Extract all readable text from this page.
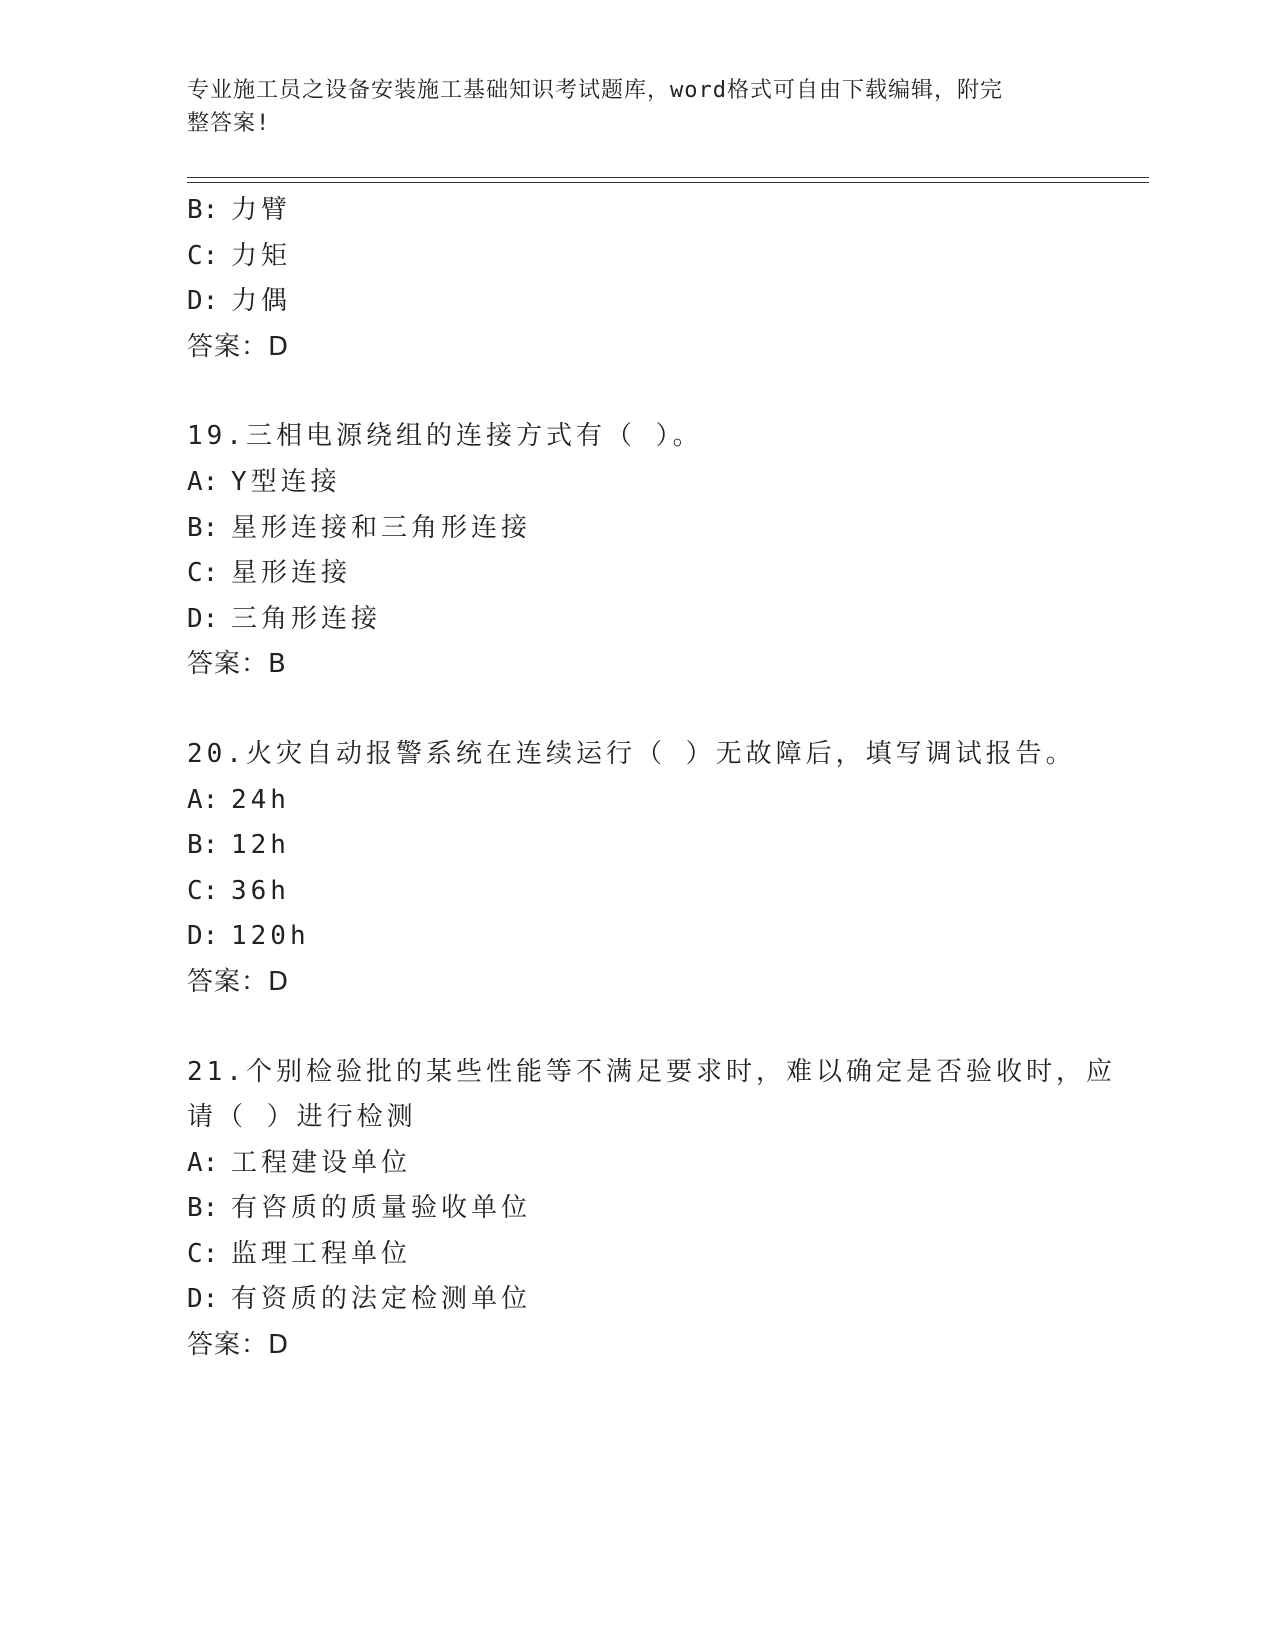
专业施工员之设备安装施工基础知识考试题库，word格式可自由下载编辑，附完
整答案!
B: 力臂
C: 力矩
D: 力偶
答案：D
19.三相电源绕组的连接方式有（ ）。
A: Y型连接
B: 星形连接和三角形连接
C: 星形连接
D: 三角形连接
答案：B
20.火灾自动报警系统在连续运行（ ）无故障后，填写调试报告。
A: 24h
B: 12h
C: 36h
D: 120h
答案：D
21.个别检验批的某些性能等不满足要求时，难以确定是否验收时，应
请（ ）进行检测
A: 工程建设单位
B: 有咨质的质量验收单位
C: 监理工程单位
D: 有资质的法定检测单位
答案：D
